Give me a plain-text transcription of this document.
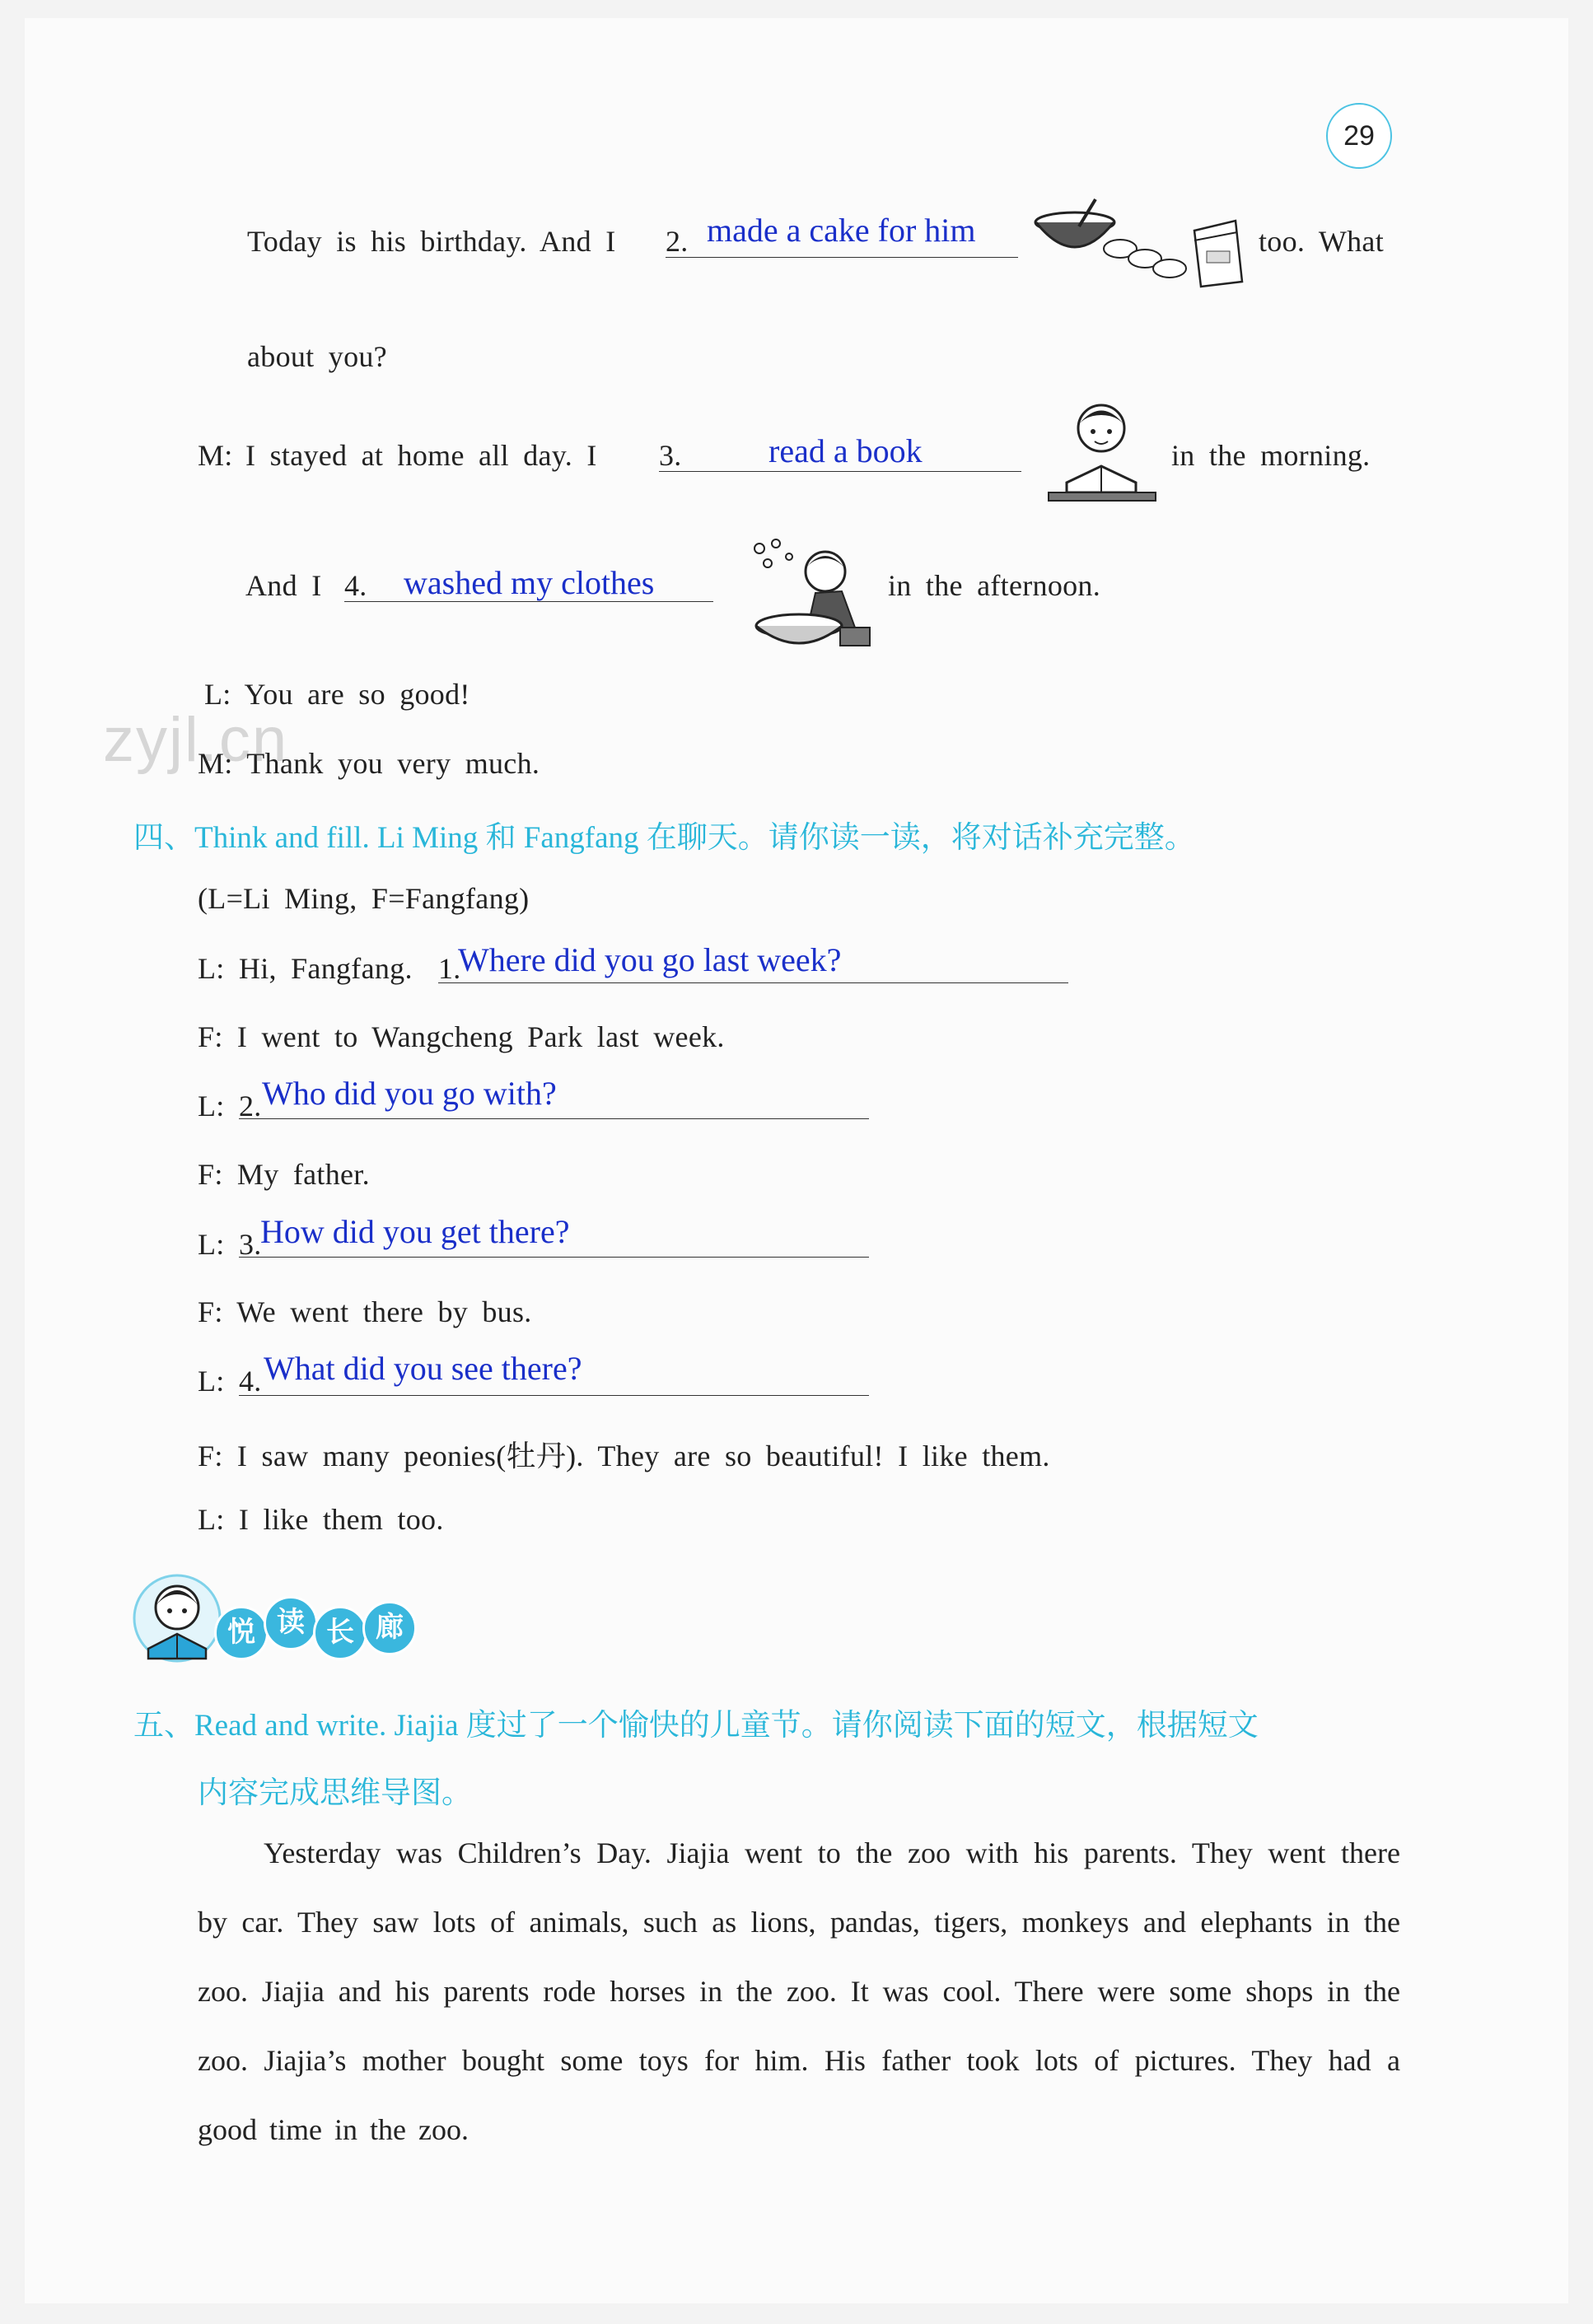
29
Today is his birthday. And I 2. made a cake for him	too. What
about you?
M: I stayed at home all day. I 3.	read a book	in the morning.
And I 4. washed my clothes	in the afternoon.
L: You are so good!
M: Thank you very much.
zyjl.cn
四、Think and fill. Li Ming 和 Fangfang 在聊天。请你读一读，将对话补充完整。
(L=Li Ming, F=Fangfang)
L: Hi, Fangfang. 1.
Where did you go last week?
F: I went to Wangcheng Park last week.
L: 2. Who did you go with?
F: My father.
L: 3.
How did you get there?
F: We went there by bus.
L: 4. What did you see there?
F: I saw many peonies(牡丹). They are so beautiful! I like them.
L: I like them too.
悦 读 长 廊
五、Read and write. Jiajia 度过了一个愉快的儿童节。请你阅读下面的短文，根据短文
内容完成思维导图。
Yesterday was Children’s Day. Jiajia went to the zoo with his parents. They went there by car. They saw lots of animals, such as lions, pandas, tigers, monkeys and elephants in the zoo. Jiajia and his parents rode horses in the zoo. It was cool. There were some shops in the zoo. Jiajia’s mother bought some toys for him. His father took lots of pictures. They had a good time in the zoo.
